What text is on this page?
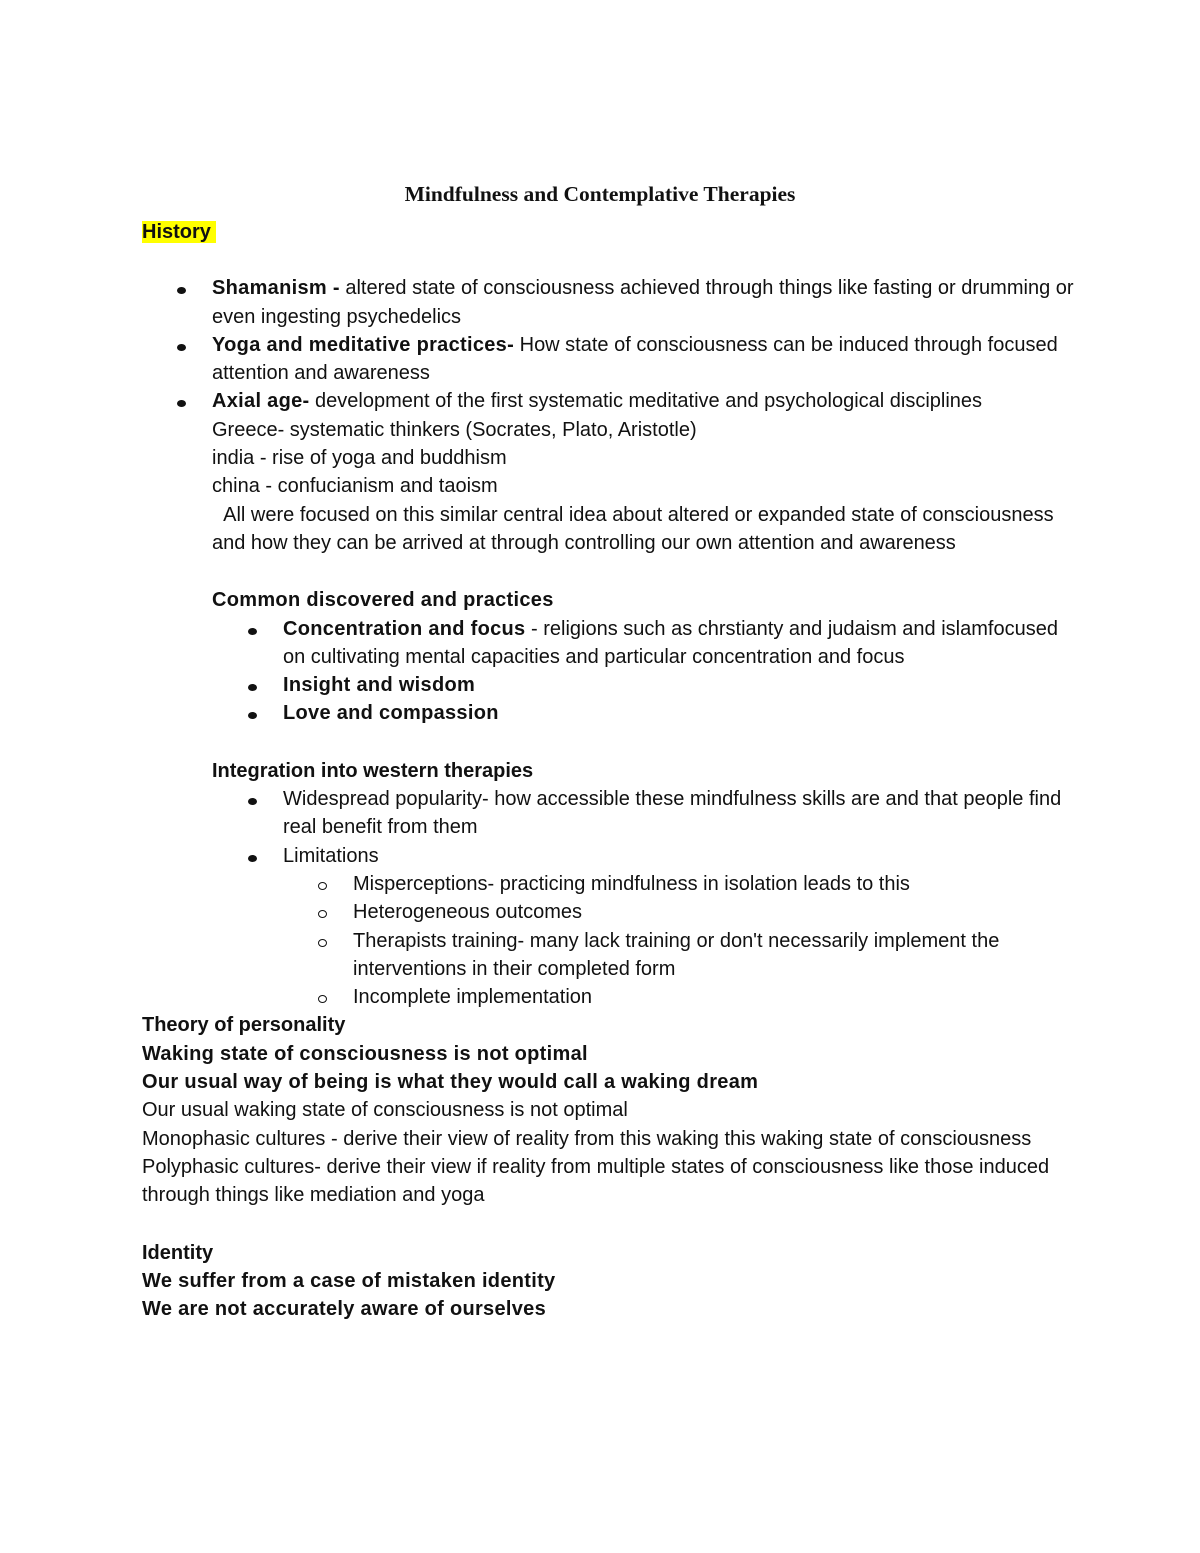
Mindfulness and Contemplative Therapies

History

Shamanism - altered state of consciousness achieved through things like fasting or drumming or even ingesting psychedelics
Yoga and meditative practices- How state of consciousness can be induced through focused attention and awareness
Axial age- development of the first systematic meditative and psychological disciplines

Greece- systematic thinkers (Socrates, Plato, Aristotle)

india - rise of yoga and buddhism

china - confucianism and taoism

All were focused on this similar central idea about altered or expanded state of consciousness and how they can be arrived at through controlling our own attention and awareness

Common discovered and practices

Concentration and focus - religions such as chrstianty and judaism and islamfocused on cultivating mental capacities and particular concentration and focus
Insight and wisdom
Love and compassion

Integration into western therapies

Widespread popularity- how accessible these mindfulness skills are and that people find real benefit from them
Limitations
Misperceptions- practicing mindfulness in isolation leads to this
Heterogeneous outcomes
Therapists training- many lack training or don't necessarily implement the interventions in their completed form
Incomplete implementation

Theory of personality

Waking state of consciousness is not optimal

Our usual way of being is what they would call a waking dream

Our usual waking state of consciousness is not optimal

Monophasic cultures - derive their view of reality from this waking this waking state of consciousness

Polyphasic cultures- derive their view if reality from multiple states of consciousness like those induced through things like mediation and yoga

Identity

We suffer from a case of mistaken identity

We are not accurately aware of ourselves
